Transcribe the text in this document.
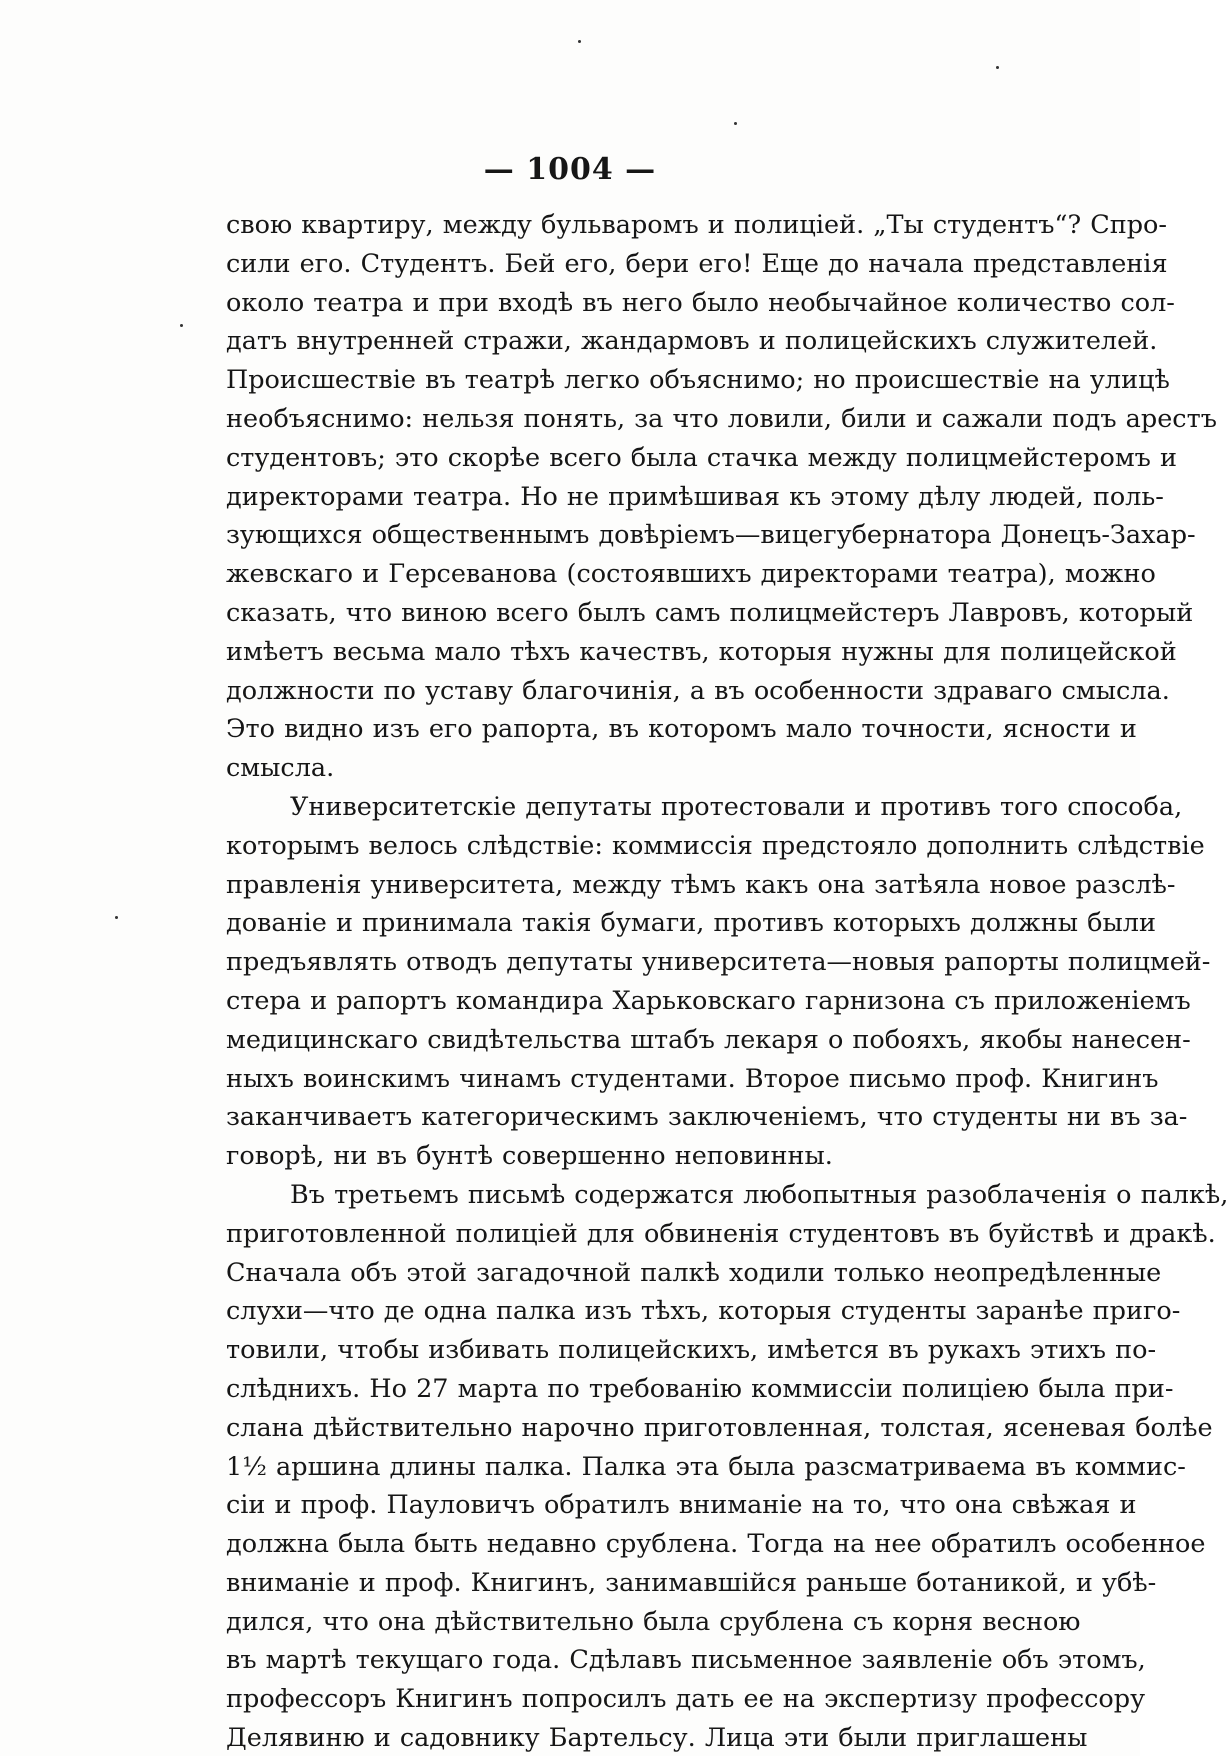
— 1004 —
свою квартиру, между бульваромъ и полиціей. „Ты студентъ“? Спро-
сили его. Студентъ. Бей его, бери его! Еще до начала представленія
около театра и при входѣ въ него было необычайное количество сол-
датъ внутренней стражи, жандармовъ и полицейскихъ служителей.
Происшествіе въ театрѣ легко объяснимо; но происшествіе на улицѣ
необъяснимо: нельзя понять, за что ловили, били и сажали подъ арестъ
студентовъ; это скорѣе всего была стачка между полицмейстеромъ и
директорами театра. Но не примѣшивая къ этому дѣлу людей, поль-
зующихся общественнымъ довѣріемъ—вицегубернатора Донецъ-Захар-
жевскаго и Герсеванова (состоявшихъ директорами театра), можно
сказать, что виною всего былъ самъ полицмейстеръ Лавровъ, который
имѣетъ весьма мало тѣхъ качествъ, которыя нужны для полицейской
должности по уставу благочинія, а въ особенности здраваго смысла.
Это видно изъ его рапорта, въ которомъ мало точности, ясности и
смысла.
Университетскіе депутаты протестовали и противъ того способа,
которымъ велось слѣдствіе: коммиссія предстояло дополнить слѣдствіе
правленія университета, между тѣмъ какъ она затѣяла новое разслѣ-
дованіе и принимала такія бумаги, противъ которыхъ должны были
предъявлять отводъ депутаты университета—новыя рапорты полицмей-
стера и рапортъ командира Харьковскаго гарнизона съ приложеніемъ
медицинскаго свидѣтельства штабъ лекаря о побояхъ, якобы нанесен-
ныхъ воинскимъ чинамъ студентами. Второе письмо проф. Книгинъ
заканчиваетъ категорическимъ заключеніемъ, что студенты ни въ за-
говорѣ, ни въ бунтѣ совершенно неповинны.
Въ третьемъ письмѣ содержатся любопытныя разоблаченія о палкѣ,
приготовленной полиціей для обвиненія студентовъ въ буйствѣ и дракѣ.
Сначала объ этой загадочной палкѣ ходили только неопредѣленные
слухи—что де одна палка изъ тѣхъ, которыя студенты заранѣе приго-
товили, чтобы избивать полицейскихъ, имѣется въ рукахъ этихъ по-
слѣднихъ. Но 27 марта по требованію коммиссіи полиціею была при-
слана дѣйствительно нарочно приготовленная, толстая, ясеневая болѣе
1½ аршина длины палка. Палка эта была разсматриваема въ коммис-
сіи и проф. Пауловичъ обратилъ вниманіе на то, что она свѣжая и
должна была быть недавно срублена. Тогда на нее обратилъ особенное
вниманіе и проф. Книгинъ, занимавшійся раньше ботаникой, и убѣ-
дился, что она дѣйствительно была срублена съ корня весною
въ мартѣ текущаго года. Сдѣлавъ письменное заявленіе объ этомъ,
профессоръ Книгинъ попросилъ дать ее на экспертизу профессору
Делявиню и садовнику Бартельсу. Лица эти были приглашены
